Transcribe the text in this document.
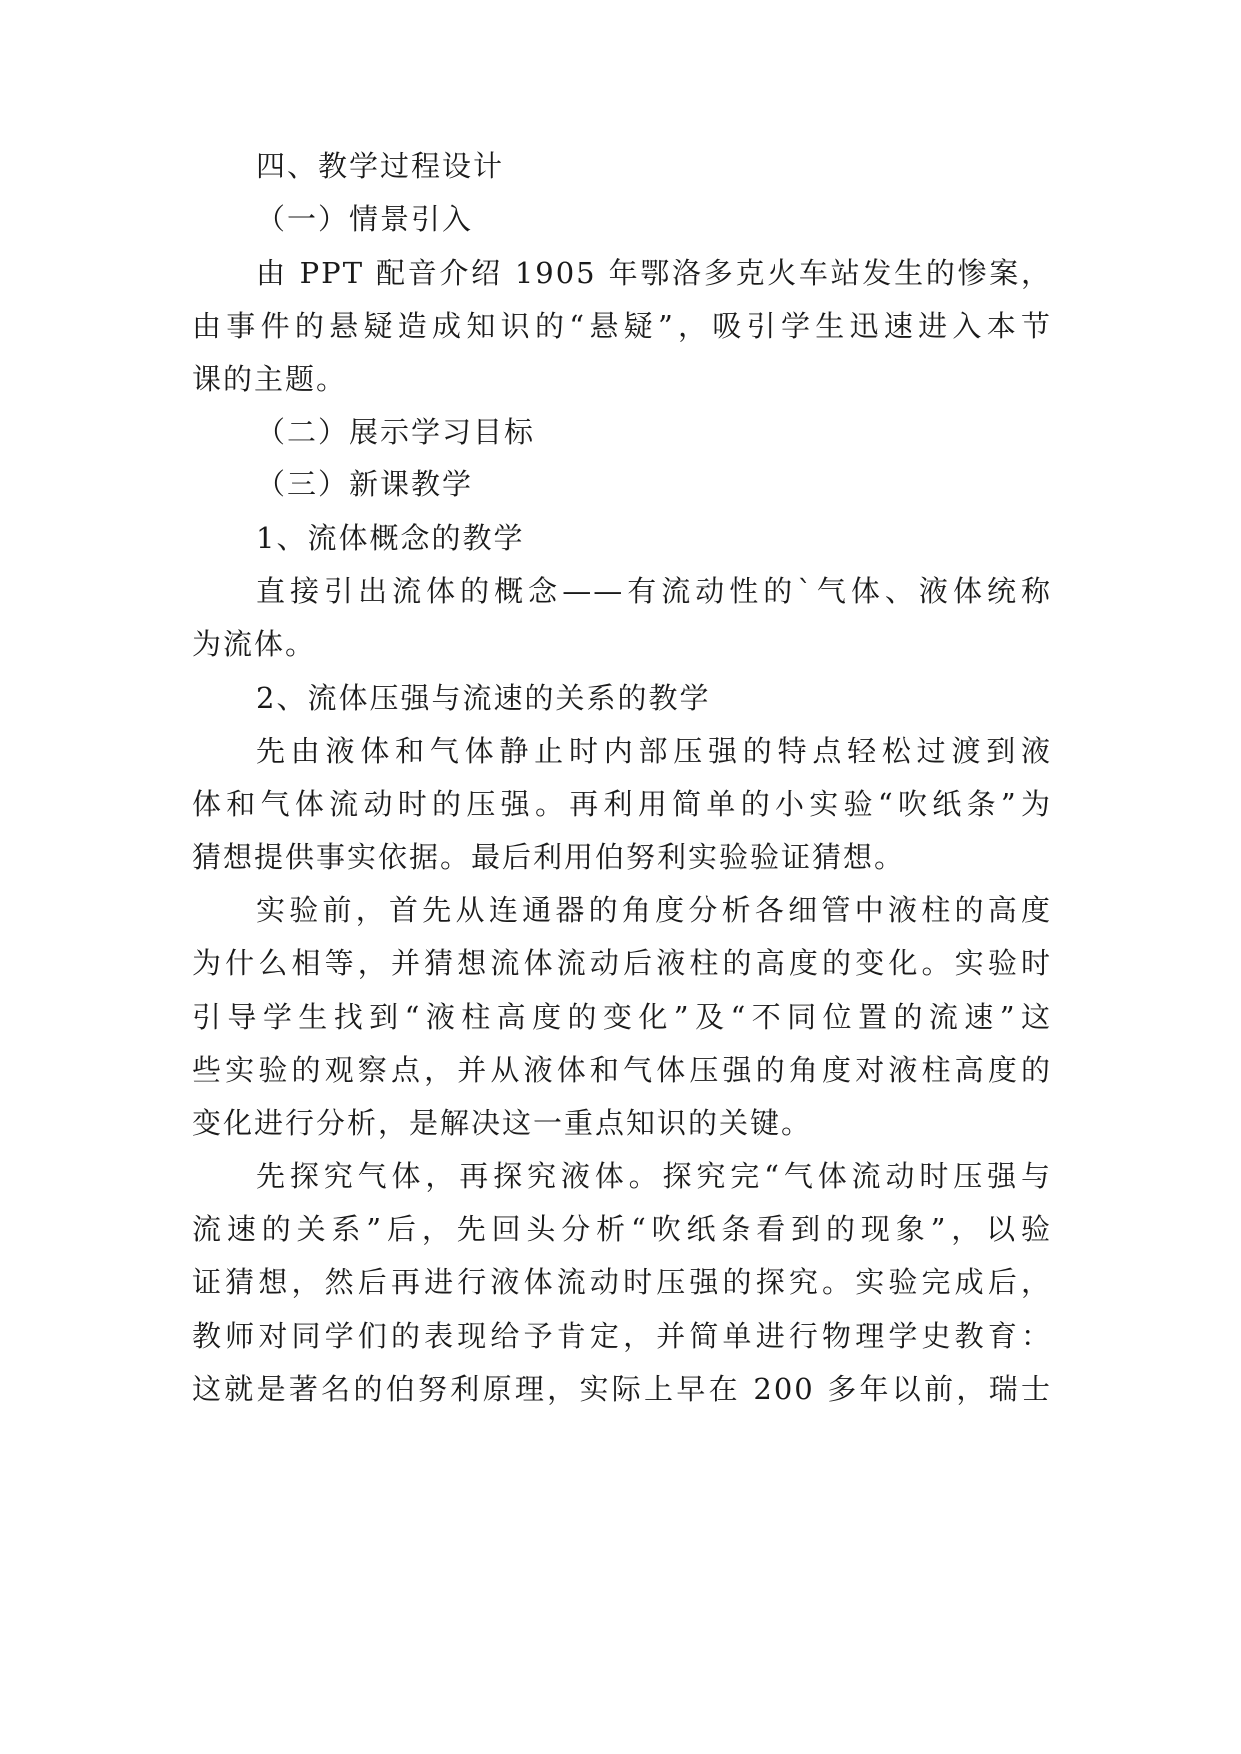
四、教学过程设计
（一）情景引入
由 PPT 配音介绍 1905 年鄂洛多克火车站发生的惨案，
由事件的悬疑造成知识的“悬疑”，吸引学生迅速进入本节
课的主题。
（二）展示学习目标
（三）新课教学
1、流体概念的教学
直接引出流体的概念——有流动性的`气体、液体统称
为流体。
2、流体压强与流速的关系的教学
先由液体和气体静止时内部压强的特点轻松过渡到液
体和气体流动时的压强。再利用简单的小实验“吹纸条”为
猜想提供事实依据。最后利用伯努利实验验证猜想。
实验前，首先从连通器的角度分析各细管中液柱的高度
为什么相等，并猜想流体流动后液柱的高度的变化。实验时
引导学生找到“液柱高度的变化”及“不同位置的流速”这
些实验的观察点，并从液体和气体压强的角度对液柱高度的
变化进行分析，是解决这一重点知识的关键。
先探究气体，再探究液体。探究完“气体流动时压强与
流速的关系”后，先回头分析“吹纸条看到的现象”，以验
证猜想，然后再进行液体流动时压强的探究。实验完成后，
教师对同学们的表现给予肯定，并简单进行物理学史教育：
这就是著名的伯努利原理，实际上早在 200 多年以前，瑞士
